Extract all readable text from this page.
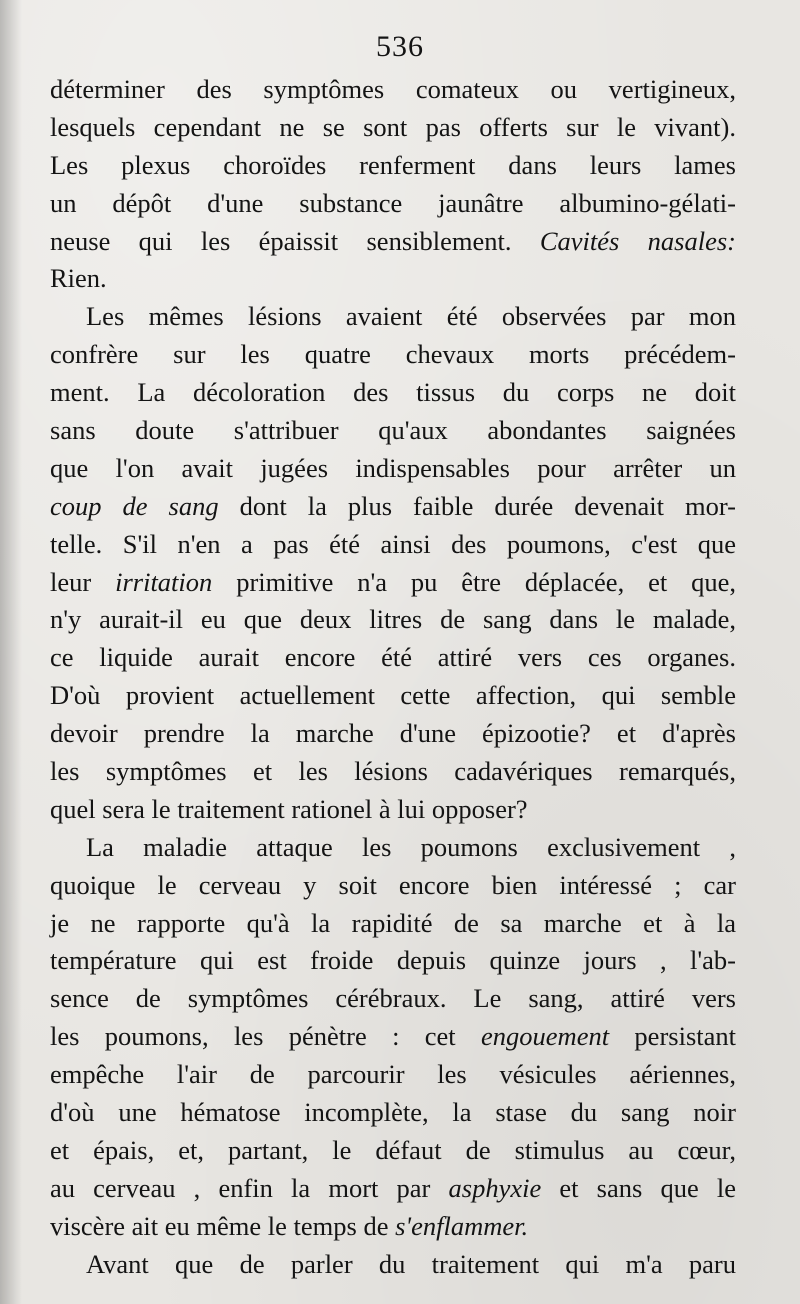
536
déterminer des symptômes comateux ou vertigineux,
lesquels cependant ne se sont pas offerts sur le vivant).
Les plexus choroïdes renferment dans leurs lames
un dépôt d'une substance jaunâtre albumino-gélati-
neuse qui les épaissit sensiblement. Cavités nasales:
Rien.
Les mêmes lésions avaient été observées par mon
confrère sur les quatre chevaux morts précédem-
ment. La décoloration des tissus du corps ne doit
sans doute s'attribuer qu'aux abondantes saignées
que l'on avait jugées indispensables pour arrêter un
coup de sang dont la plus faible durée devenait mor-
telle. S'il n'en a pas été ainsi des poumons, c'est que
leur irritation primitive n'a pu être déplacée, et que,
n'y aurait-il eu que deux litres de sang dans le malade,
ce liquide aurait encore été attiré vers ces organes.
D'où provient actuellement cette affection, qui semble
devoir prendre la marche d'une épizootie? et d'après
les symptômes et les lésions cadavériques remarqués,
quel sera le traitement rationel à lui opposer?
La maladie attaque les poumons exclusivement ,
quoique le cerveau y soit encore bien intéressé ; car
je ne rapporte qu'à la rapidité de sa marche et à la
température qui est froide depuis quinze jours , l'ab-
sence de symptômes cérébraux. Le sang, attiré vers
les poumons, les pénètre : cet engouement persistant
empêche l'air de parcourir les vésicules aériennes,
d'où une hématose incomplète, la stase du sang noir
et épais, et, partant, le défaut de stimulus au cœur,
au cerveau , enfin la mort par asphyxie et sans que le
viscère ait eu même le temps de s'enflammer.
Avant que de parler du traitement qui m'a paru
